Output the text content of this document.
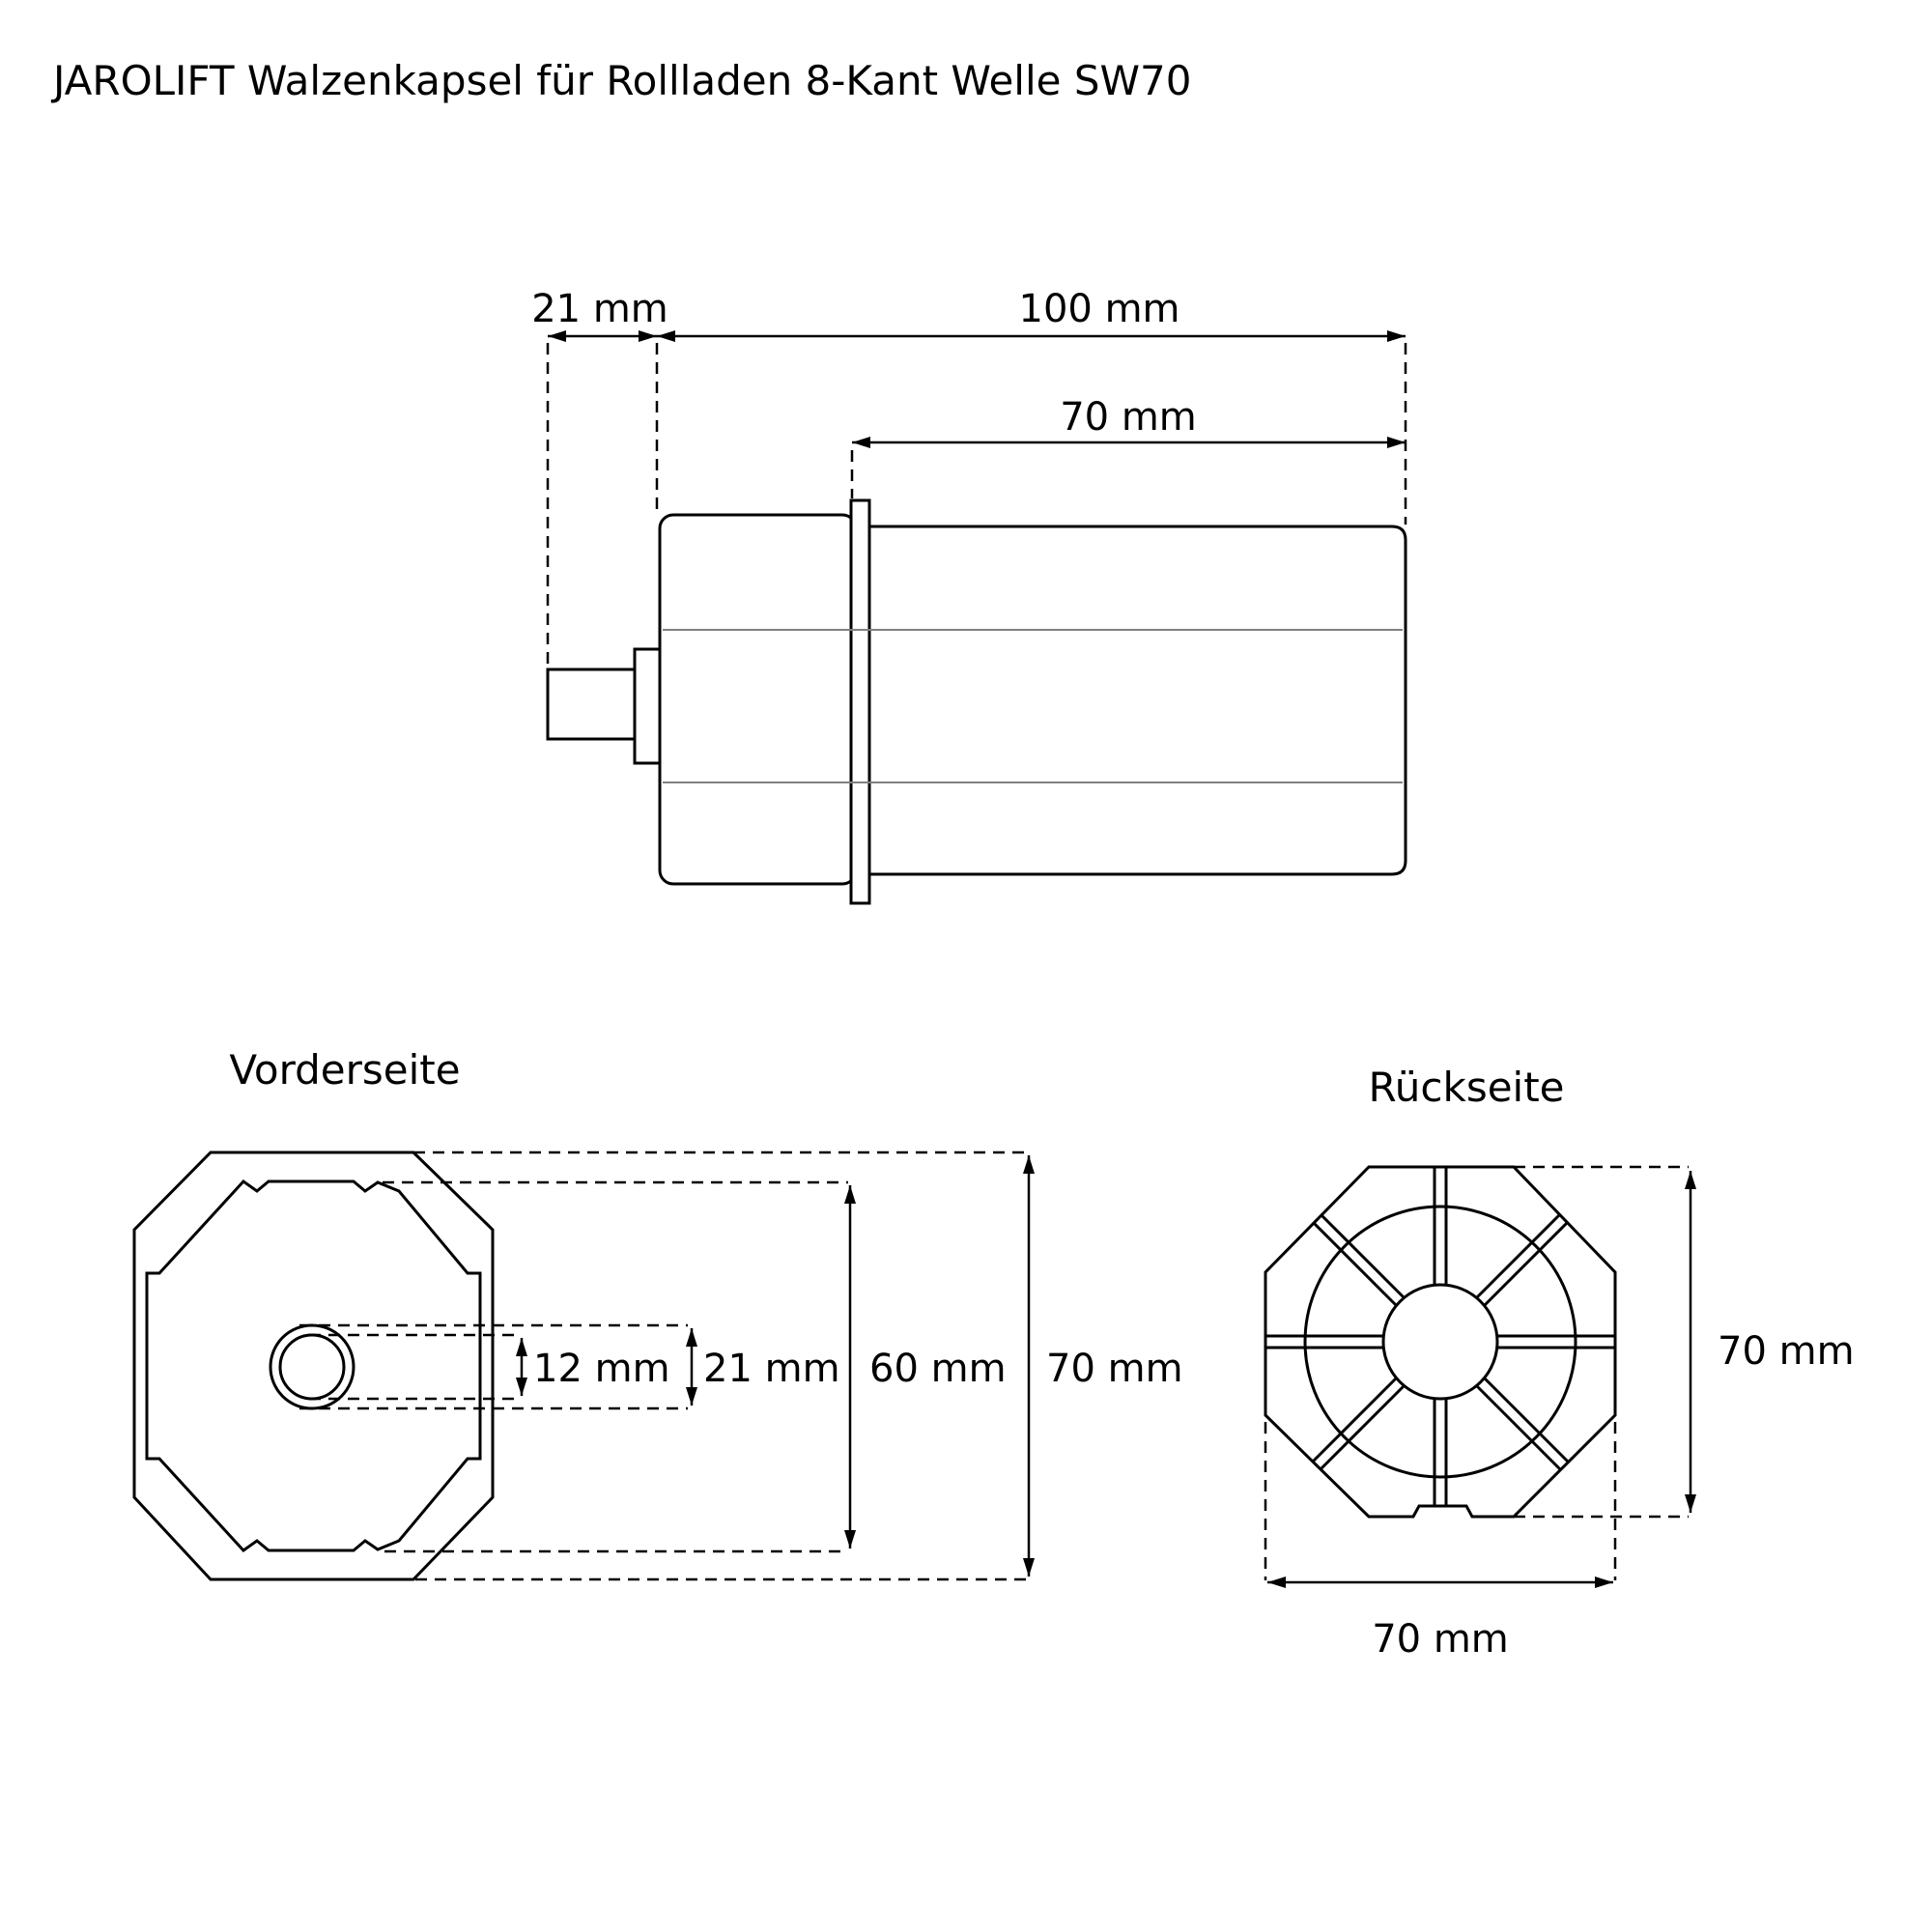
JAROLIFT Walzenkapsel für Rollladen 8-Kant Welle SW70
21 mm	100 mm
70 mm
Vorderseite
12 mm 21 mm 60 mm 70 mm
Rückseite
70 mm
70 mm
